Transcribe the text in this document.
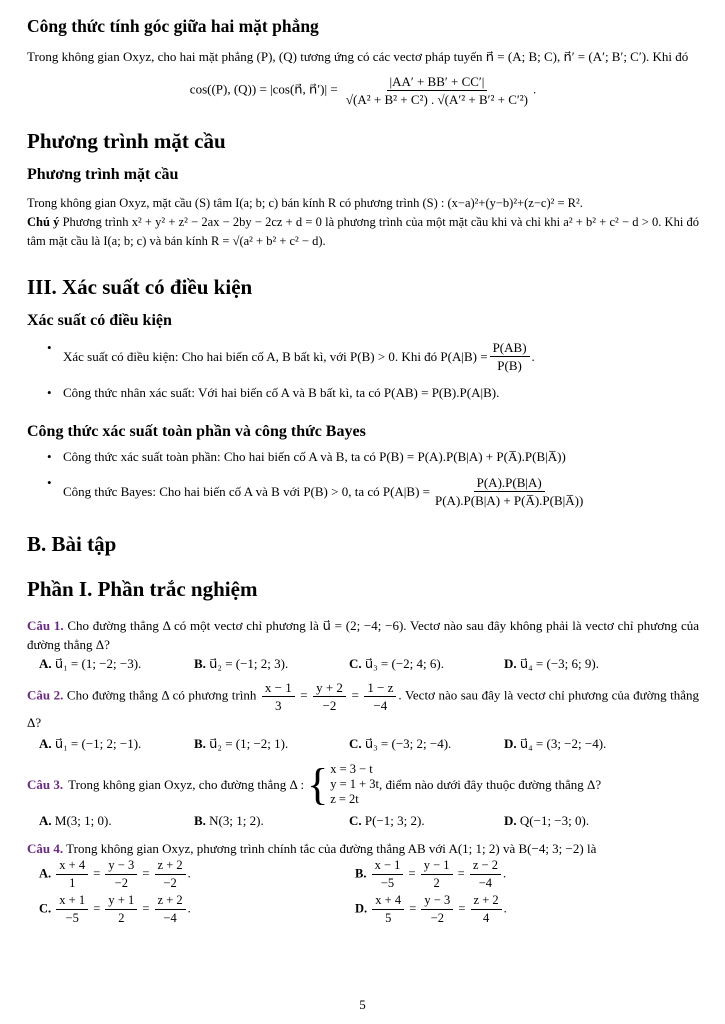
Công thức tính góc giữa hai mặt phẳng

Trong không gian Oxyz, cho hai mặt phẳng (P), (Q) tương ứng có các vectơ pháp tuyến n⃗ = (A; B; C), n⃗′ = (A′; B′; C′). Khi đó

cos((P), (Q)) = |cos(n⃗, n⃗′)| = $\frac{|AA' + BB' + CC'|}{\text{√(A² + B² + C²) . √(A′² + B′² + C′²)}}$ .
Phương trình mặt cầu
Phương trình mặt cầu

Trong không gian Oxyz, mặt cầu (S) tâm I(a; b; c) bán kính R có phương trình (S) : (x−a)²+(y−b)²+(z−c)² = R².

Chú ý Phương trình x² + y² + z² − 2ax − 2by − 2cz + d = 0 là phương trình của một mặt cầu khi và chỉ khi a² + b² + c² − d > 0. Khi đó tâm mặt cầu là I(a; b; c) và bán kính R = √(a² + b² + c² − d).

III. Xác suất có điều kiện
Xác suất có điều kiện
• Xác suất có điều kiện: Cho hai biến cố A, B bất kì, với P(B) > 0. Khi đó $P(A|B) = \frac{P(AB)}{P(B)}$ .
• Công thức nhân xác suất: Với hai biến cố A và B bất kì, ta có P(AB) = P(B).P(A|B).
Công thức xác suất toàn phần và công thức Bayes
• Công thức xác suất toàn phần: Cho hai biến cố A và B, ta có P(B) = P(A).P(B|A) + P(A̅).P(B|A̅))
• Công thức Bayes: Cho hai biến cố A và B với P(B) > 0, ta có $P(A|B) = \frac{P(A).P(B|A)}{P(A).P(B|A) + P(A̅).P(B|A̅))}$
B. Bài tập
Phần I. Phần trắc nghiệm

Câu 1. Cho đường thẳng Δ có một vectơ chỉ phương là u⃗ = (2; −4; −6). Vectơ nào sau đây không phải là vectơ chỉ phương của đường thẳng Δ?

A. u⃗₁ = (1; −2; −3).	B. u⃗₂ = (−1; 2; 3).	C. u⃗₃ = (−2; 4; 6).	D. u⃗₄ = (−3; 6; 9).

Câu 2. Cho đường thẳng Δ có phương trình $\frac{x - 1}{3} = \frac{y + 2}{-2} = \frac{1 - z}{-4}$ . Vectơ nào sau đây là vectơ chỉ phương của đường thẳng Δ?

A. u⃗₁ = (−1; 2; −1).	B. u⃗₂ = (1; −2; 1).	C. u⃗₃ = (−3; 2; −4).	D. u⃗₄ = (3; −2; −4).
Câu 3. Trong không gian Oxyz, cho đường thẳng Δ : { x = 3 − t
y = 1 + 3t
z = 2t
, điểm nào dưới đây thuộc đường thẳng Δ?
A. M(3; 1; 0).	B. N(3; 1; 2).	C. P(−1; 3; 2).	D. Q(−1; −3; 0).

Câu 4. Trong không gian Oxyz, phương trình chính tắc của đường thẳng AB với A(1; 1; 2) và B(−4; 3; −2) là

A. $\frac{x + 4}{1} = \frac{y - 3}{-2} = \frac{z + 2}{-2}$ .	B. $\frac{x - 1}{-5} = \frac{y - 1}{2} = \frac{z - 2}{-4}$ .
C. $\frac{x + 1}{-5} = \frac{y + 1}{2} = \frac{z + 2}{-4}$ .	D. $\frac{x + 4}{5} = \frac{y - 3}{-2} = \frac{z + 2}{4}$ .
5
